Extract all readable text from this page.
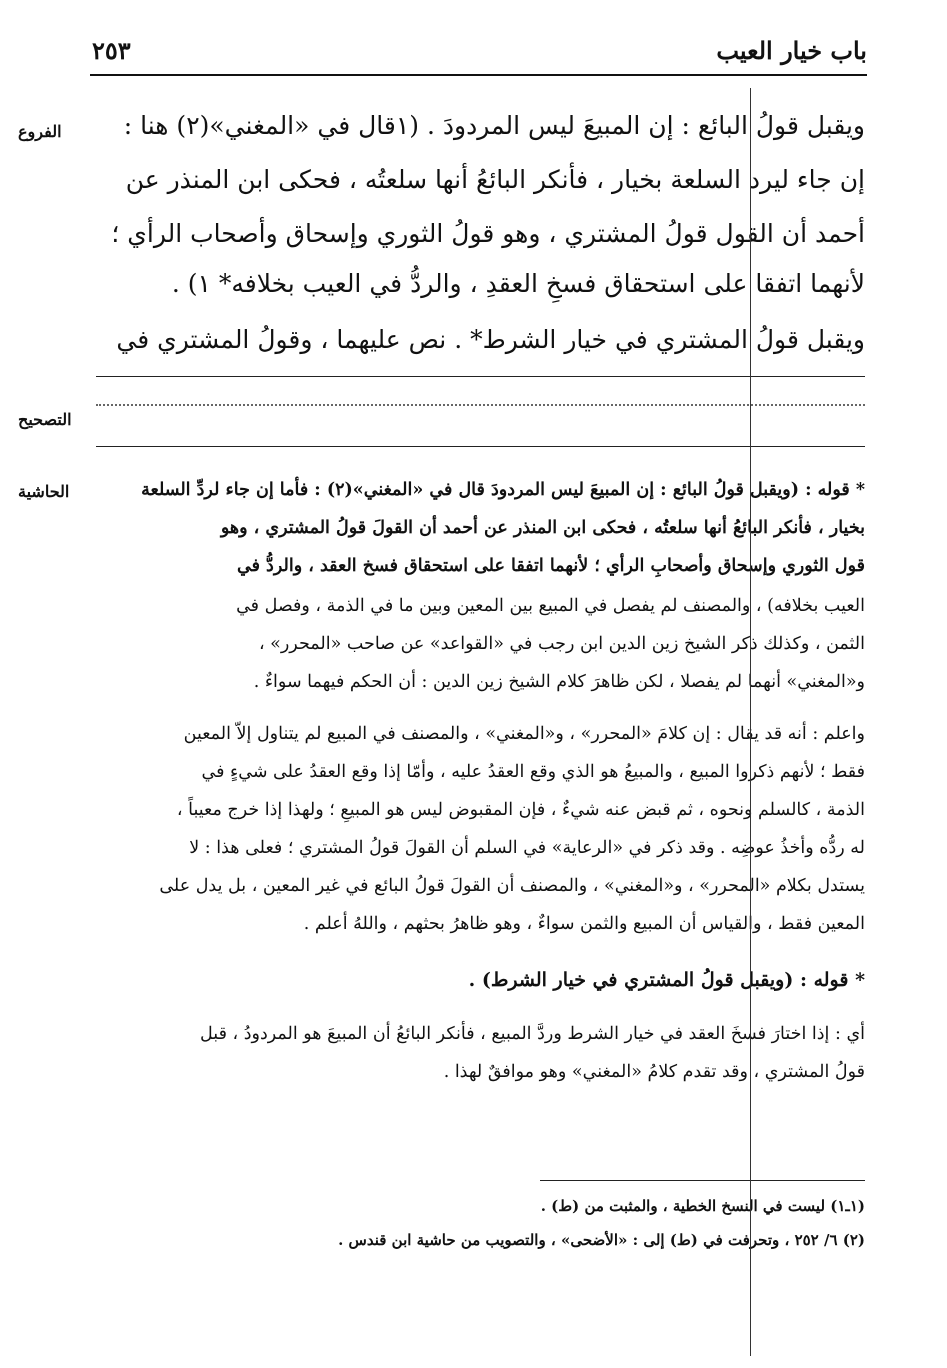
باب خيار العيب
٢٥٣
الفروع
التصحيح
الحاشية
ويقبل قولُ البائع : إن المبيعَ ليس المردودَ . (١قال في «المغني»(٢) هنا :
إن جاء ليرد السلعة بخيار ، فأنكر البائعُ أنها سلعتُه ، فحكى ابن المنذر عن
أحمد أن القول قولُ المشتري ، وهو قولُ الثوري وإسحاق وأصحاب الرأي ؛
لأنهما اتفقا على استحقاق فسخِ العقدِ ، والردُّ في العيب بخلافه* ١) .
ويقبل قولُ المشتري في خيار الشرط* . نص عليهما ، وقولُ المشتري في
* قوله : (ويقبل قولُ البائع : إن المبيعَ ليس المردودَ قال في «المغني»(٢) : فأما إن جاء لردِّ السلعة
بخيار ، فأنكر البائعُ أنها سلعتُه ، فحكى ابن المنذر عن أحمد أن القولَ قولُ المشتري ، وهو
قول الثوري وإسحاق وأصحابِ الرأي ؛ لأنهما اتفقا على استحقاق فسخ العقد ، والردُّ في
العيب بخلافه) ، والمصنف لم يفصل في المبيع بين المعين وبين ما في الذمة ، وفصل في
الثمن ، وكذلك ذكر الشيخ زين الدين ابن رجب في «القواعد» عن صاحب «المحرر» ،
و«المغني» أنهما لم يفصلا ، لكن ظاهرَ كلام الشيخ زين الدين : أن الحكم فيهما سواءٌ .
واعلم : أنه قد يقال : إن كلامَ «المحرر» ، و«المغني» ، والمصنف في المبيع لم يتناول إلاّ المعين
فقط ؛ لأنهم ذكروا المبيع ، والمبيعُ هو الذي وقع العقدُ عليه ، وأمّا إذا وقع العقدُ على شيءٍ في
الذمة ، كالسلم ونحوه ، ثم قبض عنه شيءٌ ، فإن المقبوض ليس هو المبيعِ ؛ ولهذا إذا خرج معيباً ،
له ردُّه وأخذُ عوضِه . وقد ذكر في «الرعاية» في السلم أن القولَ قولُ المشتري ؛ فعلى هذا : لا
يستدل بكلام «المحرر» ، و«المغني» ، والمصنف أن القولَ قولُ البائع في غير المعين ، بل يدل على
المعين فقط ، والقياس أن المبيع والثمن سواءٌ ، وهو ظاهرُ بحثهم ، واللهُ أعلم .
* قوله : (ويقبل قولُ المشتري في خيار الشرط) .
أي : إذا اختارَ فسخَ العقد في خيار الشرط وردَّ المبيع ، فأنكر البائعُ أن المبيعَ هو المردودُ ، قبل
قولُ المشتري ، وقد تقدم كلامُ «المغني» وهو موافقٌ لهذا .
(١ـ١) ليست في النسخ الخطية ، والمثبت من (ط) .
(٢) ٦/ ٢٥٢ ، وتحرفت في (ط) إلى : «الأضحى» ، والتصويب من حاشية ابن قندس .
